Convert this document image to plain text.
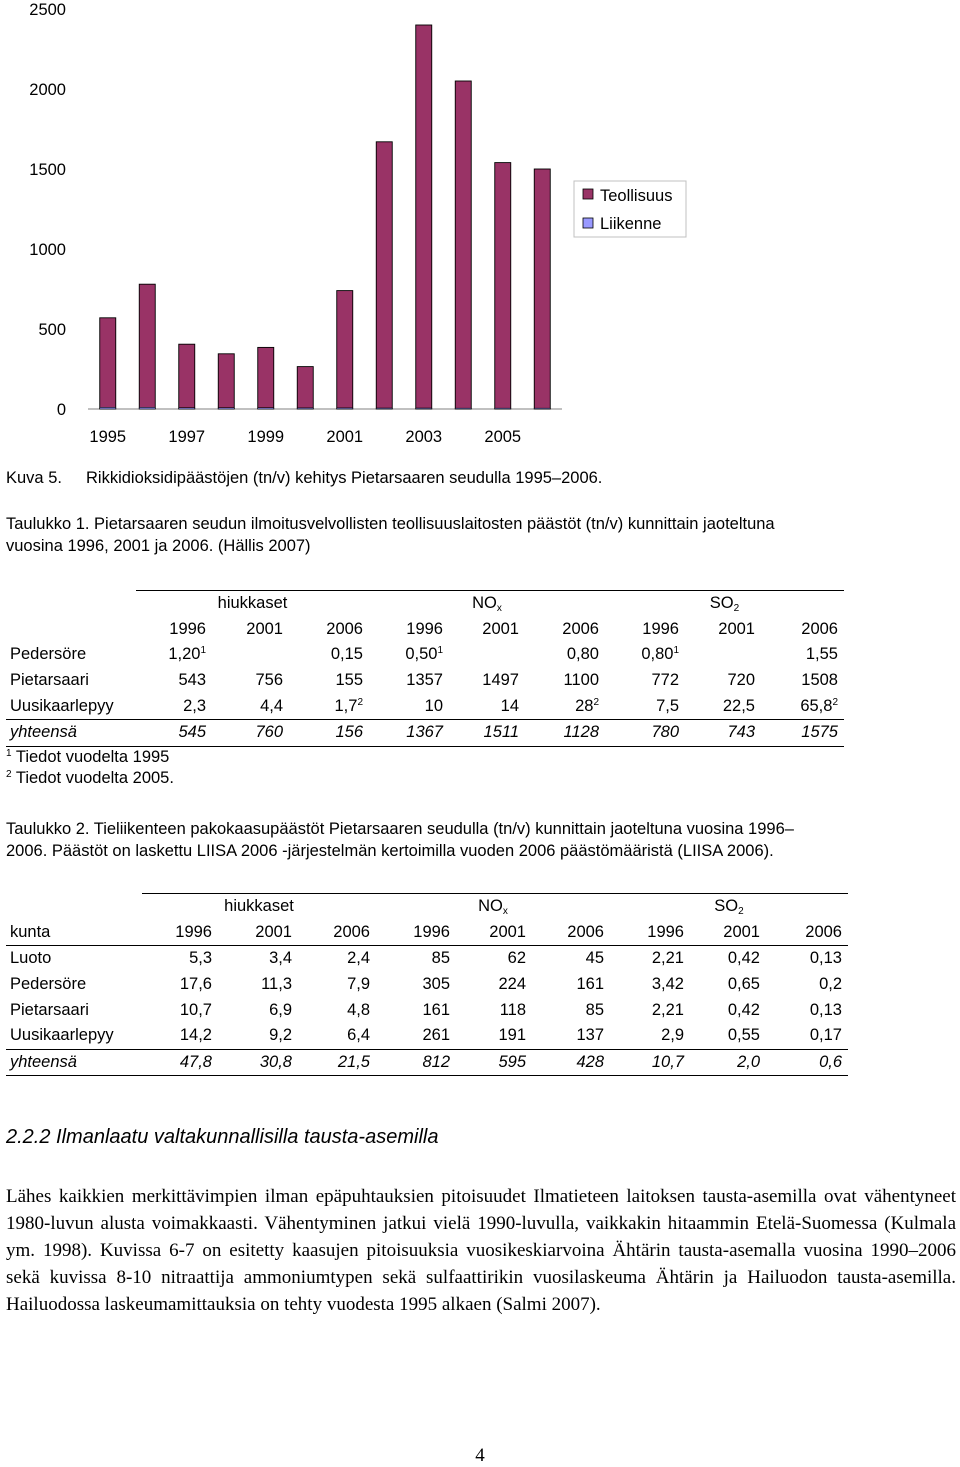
0
500
1000
1500
2000
2500
1995	1997	1999	2001	2003	2005
Teollisuus
Liikenne
Kuva 5. Rikkidioksidipäästöjen (tn/v) kehitys Pietarsaaren seudulla 1995–2006.

Taulukko 1. Pietarsaaren seudun ilmoitusvelvollisten teollisuuslaitosten päästöt (tn/v) kunnittain jaoteltuna

vuosina 1996, 2001 ja 2006. (Hällis 2007)

	hiukkaset			$NO_x$			$SO_2$
	1996	2001	2006	1996	2001	2006	1996	2001	2006
Pedersöre	1,20$^1$		0,15	0,50$^1$		0,80	0,80$^1$		1,55
Pietarsaari	543	756	155	1357	1497	1100	772	720	1508
Uusikaarlepyy	2,3	4,4	$1,7^2$	10	14	$28^2$	7,5	22,5	65,8$^2$
yhteensä	545	760	156	1367	1511	1128	780	743	1575
$^1$ Tiedot vuodelta 1995
$^2$ Tiedot vuodelta 2005.

Taulukko 2. Tieliikenteen pakokaasupäästöt Pietarsaaren seudulla (tn/v) kunnittain jaoteltuna vuosina 1996–

2006. Päästöt on laskettu LIISA 2006 -järjestelmän kertoimilla vuoden 2006 päästömääristä (LIISA 2006).

	hiukkaset			$NO_x$			$SO_2$
kunta	1996	2001	2006	1996	2001	2006	1996	2001	2006
Luoto	5,3	3,4	2,4	85	62	45	2,21	0,42	0,13
Pedersöre	17,6	11,3	7,9	305	224	161	3,42	0,65	0,2
Pietarsaari	10,7	6,9	4,8	161	118	85	2,21	0,42	0,13
Uusikaarlepyy	14,2	9,2	6,4	261	191	137	2,9	0,55	0,17
yhteensä	47,8	30,8	21,5	812	595	428	10,7	2,0	0,6
2.2.2 Ilmanlaatu valtakunnallisilla tausta-asemilla

Lähes kaikkien merkittävimpien ilman epäpuhtauksien pitoisuudet Ilmatieteen laitoksen tausta-asemilla ovat vähentyneet 1980-luvun alusta voimakkaasti. Vähentyminen jatkui vielä 1990-luvulla, vaikkakin hitaammin Etelä-Suomessa (Kulmala ym. 1998). Kuvissa 6-7 on esitetty kaasujen pitoisuuksia vuosikeskiarvoina Ähtärin tausta-asemalla vuosina 1990–2006 sekä kuvissa 8-10 nitraattija ammoniumtypen sekä sulfaattirikin vuosilaskeuma Ähtärin ja Hailuodon tausta-asemilla. Hailuodossa laskeumamittauksia on tehty vuodesta 1995 alkaen (Salmi 2007).

4
